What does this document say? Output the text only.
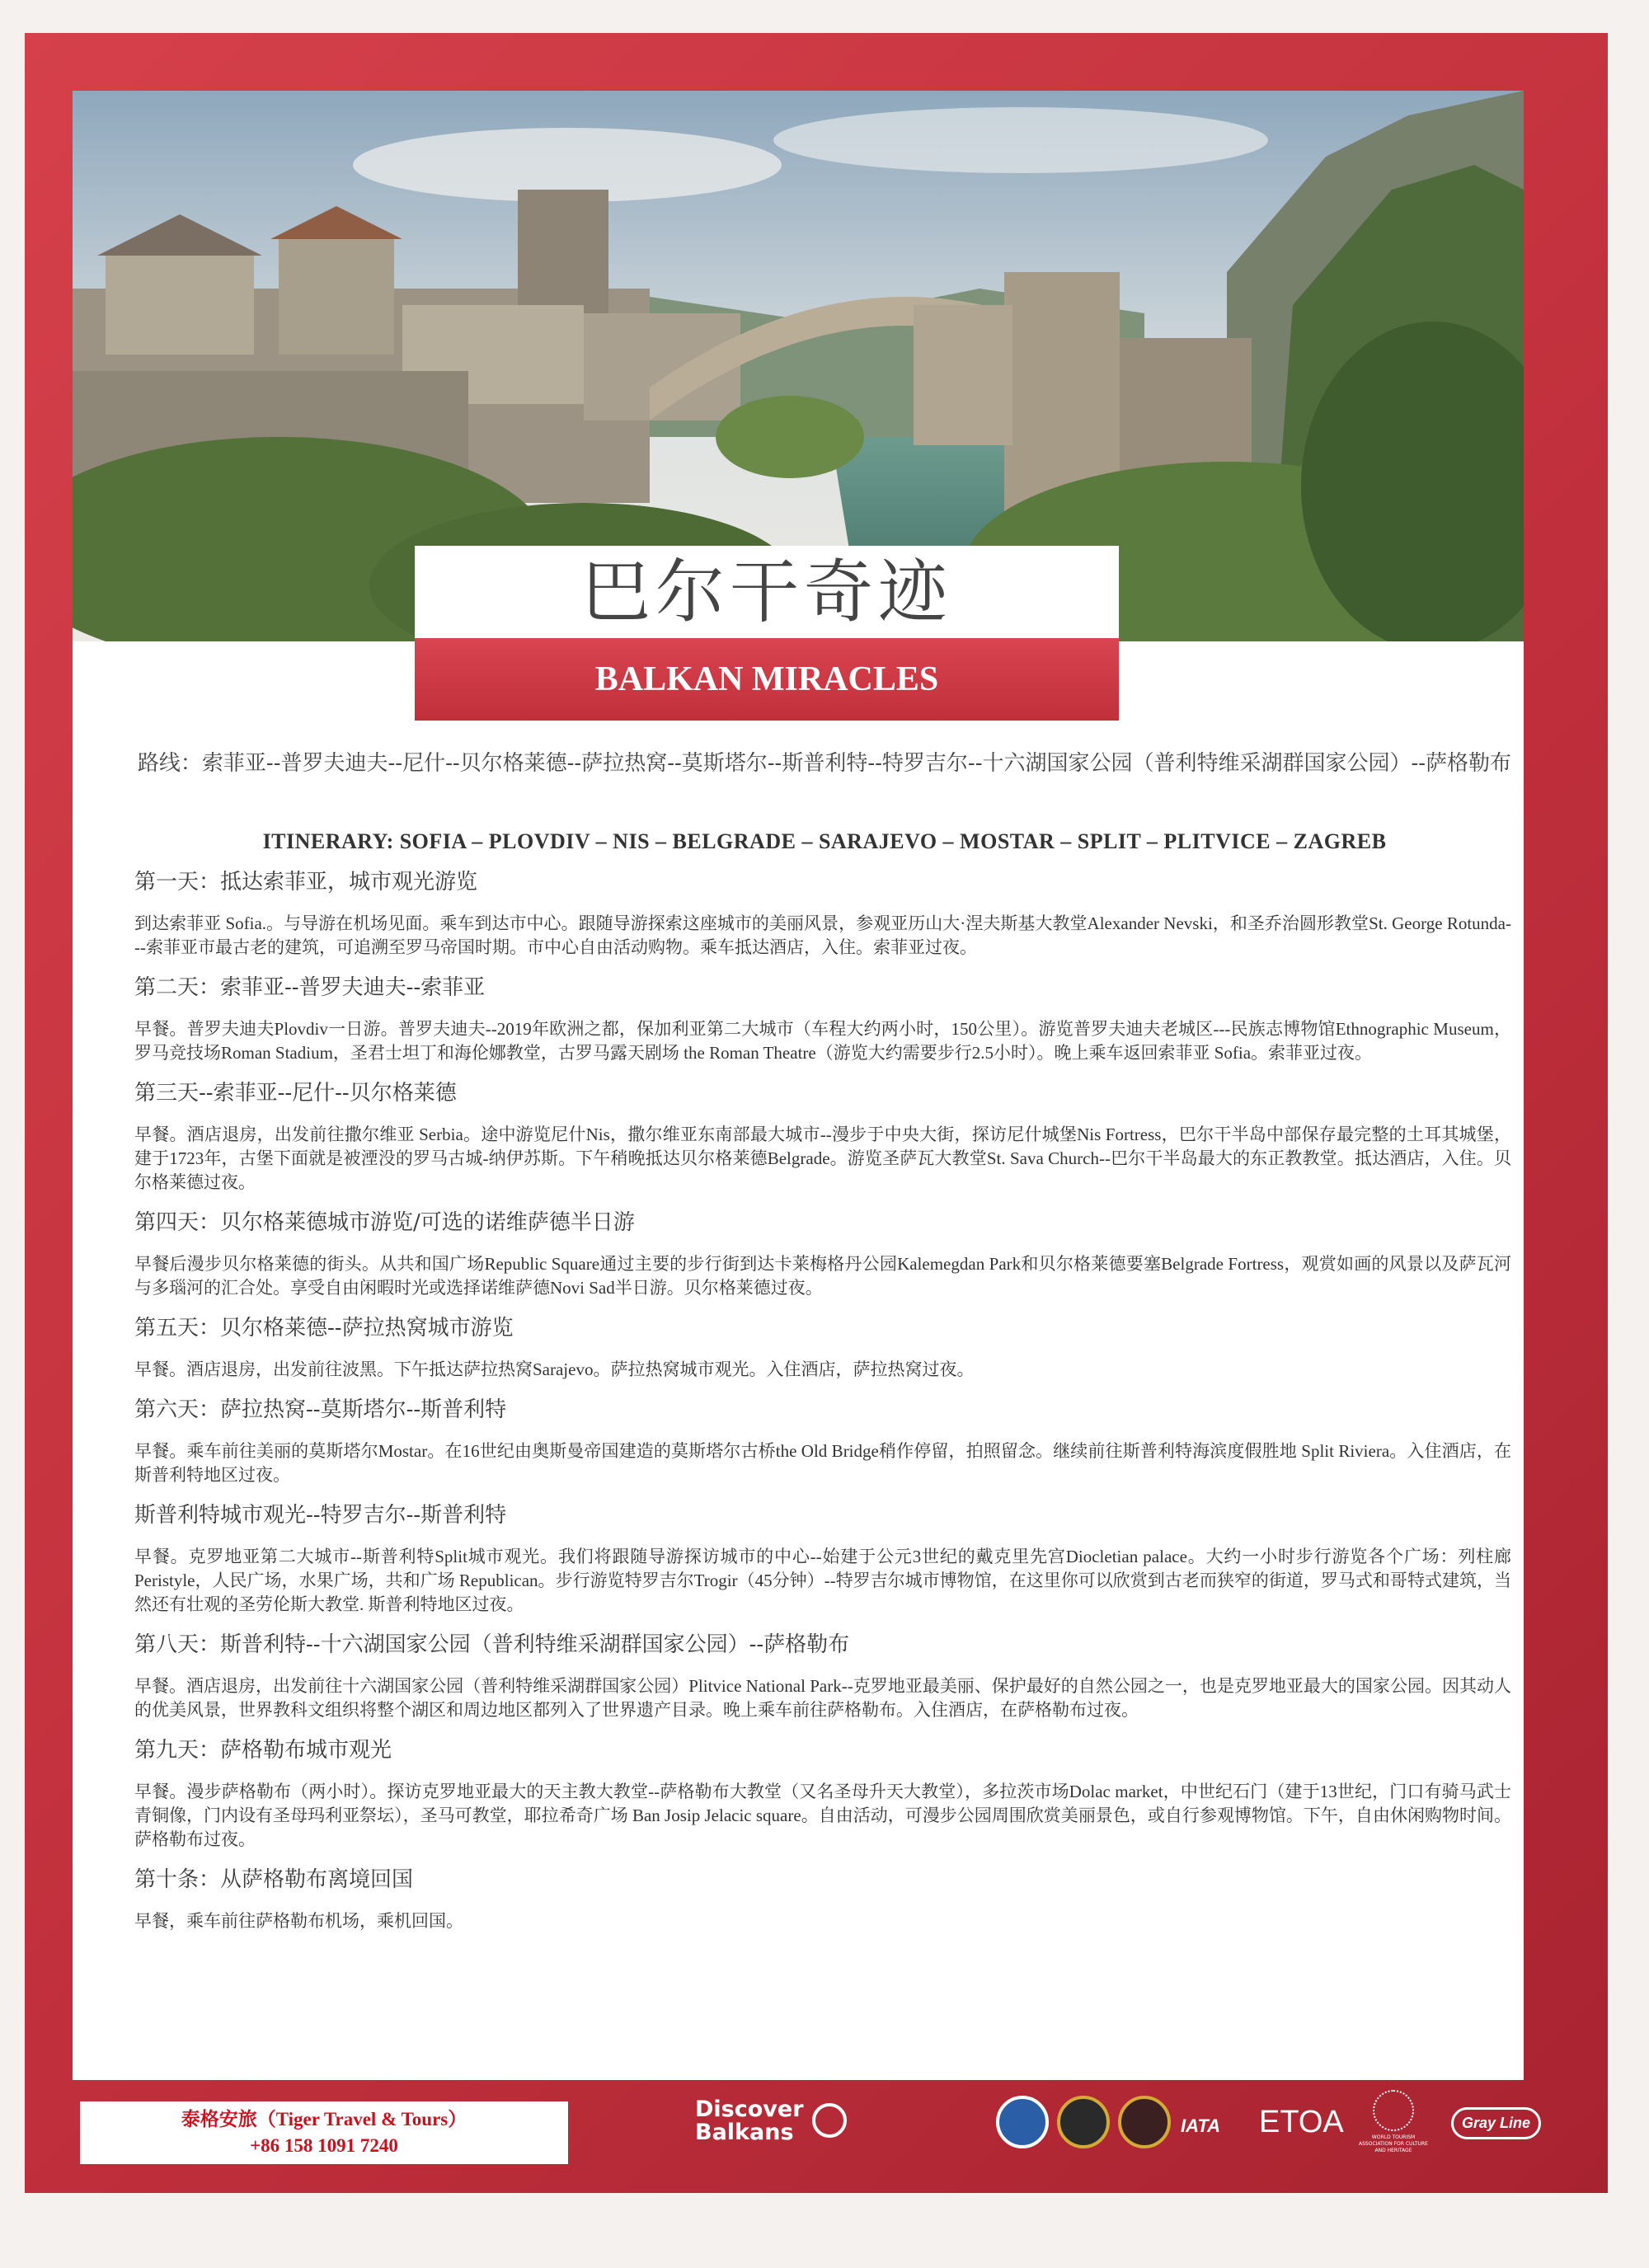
巴尔干奇迹
BALKAN MIRACLES
路线：索菲亚--普罗夫迪夫--尼什--贝尔格莱德--萨拉热窝--莫斯塔尔--斯普利特--特罗吉尔--十六湖国家公园（普利特维采湖群国家公园）--萨格勒布
ITINERARY: SOFIA – PLOVDIV – NIS – BELGRADE – SARAJEVO – MOSTAR – SPLIT – PLITVICE – ZAGREB
第一天：抵达索菲亚，城市观光游览
到达索菲亚 Sofia.。与导游在机场见面。乘车到达市中心。跟随导游探索这座城市的美丽风景，参观亚历山大·涅夫斯基大教堂Alexander Nevski，和圣乔治圆形教堂St. George Rotunda---索菲亚市最古老的建筑，可追溯至罗马帝国时期。市中心自由活动购物。乘车抵达酒店，入住。索菲亚过夜。
第二天：索菲亚--普罗夫迪夫--索菲亚
早餐。普罗夫迪夫Plovdiv一日游。普罗夫迪夫--2019年欧洲之都，保加利亚第二大城市（车程大约两小时，150公里）。游览普罗夫迪夫老城区---民族志博物馆Ethnographic Museum，罗马竞技场Roman Stadium，圣君士坦丁和海伦娜教堂，古罗马露天剧场 the Roman Theatre（游览大约需要步行2.5小时）。晚上乘车返回索菲亚 Sofia。索菲亚过夜。
第三天--索菲亚--尼什--贝尔格莱德
早餐。酒店退房，出发前往撒尔维亚 Serbia。途中游览尼什Nis，撒尔维亚东南部最大城市--漫步于中央大街，探访尼什城堡Nis Fortress，巴尔干半岛中部保存最完整的土耳其城堡，建于1723年，古堡下面就是被湮没的罗马古城-纳伊苏斯。下午稍晚抵达贝尔格莱德Belgrade。游览圣萨瓦大教堂St. Sava Church--巴尔干半岛最大的东正教教堂。抵达酒店，入住。贝尔格莱德过夜。
第四天：贝尔格莱德城市游览/可选的诺维萨德半日游
早餐后漫步贝尔格莱德的街头。从共和国广场Republic Square通过主要的步行街到达卡莱梅格丹公园Kalemegdan Park和贝尔格莱德要塞Belgrade Fortress，观赏如画的风景以及萨瓦河与多瑙河的汇合处。享受自由闲暇时光或选择诺维萨德Novi Sad半日游。贝尔格莱德过夜。
第五天：贝尔格莱德--萨拉热窝城市游览
早餐。酒店退房，出发前往波黑。下午抵达萨拉热窝Sarajevo。萨拉热窝城市观光。入住酒店，萨拉热窝过夜。
第六天：萨拉热窝--莫斯塔尔--斯普利特
早餐。乘车前往美丽的莫斯塔尔Mostar。在16世纪由奥斯曼帝国建造的莫斯塔尔古桥the Old Bridge稍作停留，拍照留念。继续前往斯普利特海滨度假胜地 Split Riviera。入住酒店，在斯普利特地区过夜。
斯普利特城市观光--特罗吉尔--斯普利特
早餐。克罗地亚第二大城市--斯普利特Split城市观光。我们将跟随导游探访城市的中心--始建于公元3世纪的戴克里先宫Diocletian palace。大约一小时步行游览各个广场：列柱廊 Peristyle，人民广场，水果广场，共和广场 Republican。步行游览特罗吉尔Trogir（45分钟）--特罗吉尔城市博物馆，在这里你可以欣赏到古老而狭窄的街道，罗马式和哥特式建筑，当然还有壮观的圣劳伦斯大教堂. 斯普利特地区过夜。
第八天：斯普利特--十六湖国家公园（普利特维采湖群国家公园）--萨格勒布
早餐。酒店退房，出发前往十六湖国家公园（普利特维采湖群国家公园）Plitvice National Park--克罗地亚最美丽、保护最好的自然公园之一，也是克罗地亚最大的国家公园。因其动人的优美风景，世界教科文组织将整个湖区和周边地区都列入了世界遗产目录。晚上乘车前往萨格勒布。入住酒店，在萨格勒布过夜。
第九天：萨格勒布城市观光
早餐。漫步萨格勒布（两小时）。探访克罗地亚最大的天主教大教堂--萨格勒布大教堂（又名圣母升天大教堂），多拉茨市场Dolac market，中世纪石门（建于13世纪，门口有骑马武士青铜像，门内设有圣母玛利亚祭坛），圣马可教堂，耶拉希奇广场 Ban Josip Jelacic square。自由活动，可漫步公园周围欣赏美丽景色，或自行参观博物馆。下午，自由休闲购物时间。萨格勒布过夜。
第十条：从萨格勒布离境回国
早餐，乘车前往萨格勒布机场，乘机回国。
泰格安旅（Tiger Travel & Tours）
+86 158 1091 7240
Discover
Balkans	IATA ETOA	WORLD TOURISM ASSOCIATION FOR CULTURE AND HERITAGE
Gray Line
